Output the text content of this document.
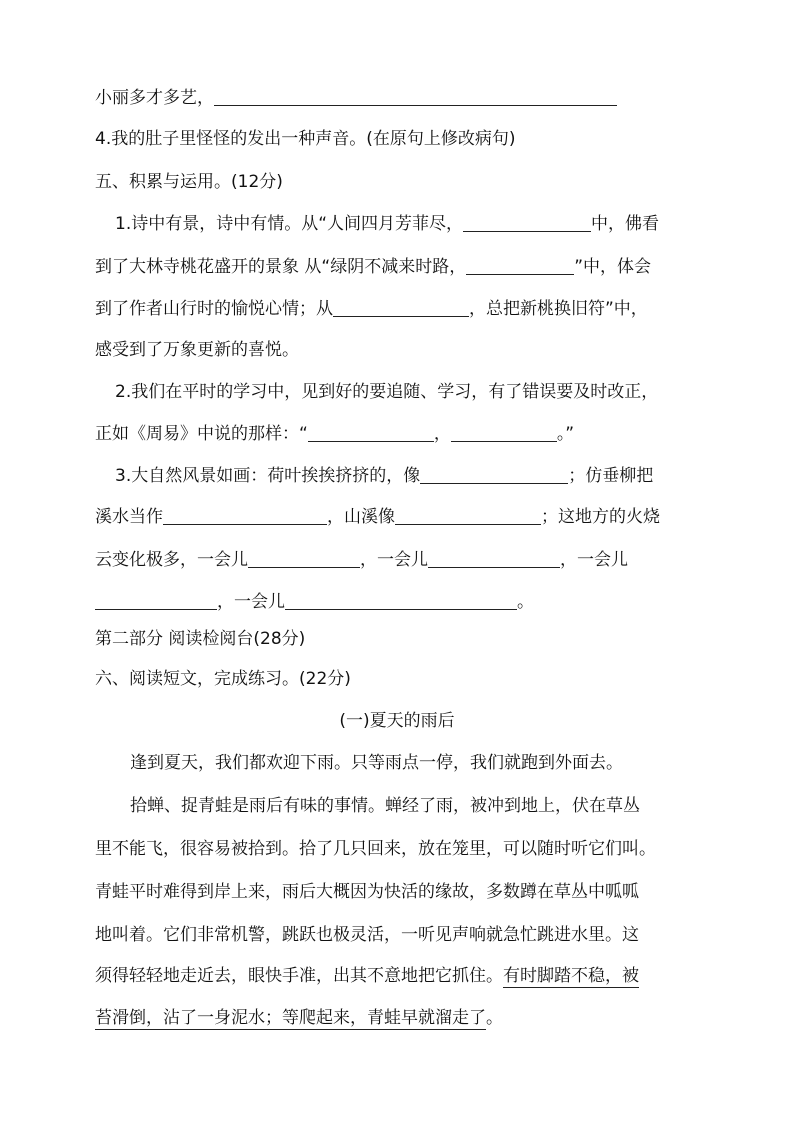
小丽多才多艺，
4.我的肚子里怪怪的发出一种声音。(在原句上修改病句)
五、积累与运用。(12分)
1.诗中有景，诗中有情。从“人间四月芳菲尽，	中，佛看
到了大林寺桃花盛开的景象 从“绿阴不减来时路，	”中，体会
到了作者山行时的愉悦心情；从	，总把新桃换旧符”中，
感受到了万象更新的喜悦。
2.我们在平时的学习中，见到好的要追随、学习，有了错误要及时改正，
正如《周易》中说的那样：“	，	。”
3.大自然风景如画：荷叶挨挨挤挤的，像	；仿垂柳把
溪水当作	，山溪像	；这地方的火烧
云变化极多，一会儿	，一会儿	，一会儿
，一会儿	。
第二部分 阅读检阅台(28分)
六、阅读短文，完成练习。(22分)
(一)夏天的雨后
逢到夏天，我们都欢迎下雨。只等雨点一停，我们就跑到外面去。
拾蝉、捉青蛙是雨后有味的事情。蝉经了雨，被冲到地上，伏在草丛
里不能飞，很容易被拾到。拾了几只回来，放在笼里，可以随时听它们叫。
青蛙平时难得到岸上来，雨后大概因为快活的缘故，多数蹲在草丛中呱呱
地叫着。它们非常机警，跳跃也极灵活，一听见声响就急忙跳进水里。这
须得轻轻地走近去，眼快手准，出其不意地把它抓住。有时脚踏不稳，被
苔滑倒，沾了一身泥水；等爬起来，青蛙早就溜走了。
